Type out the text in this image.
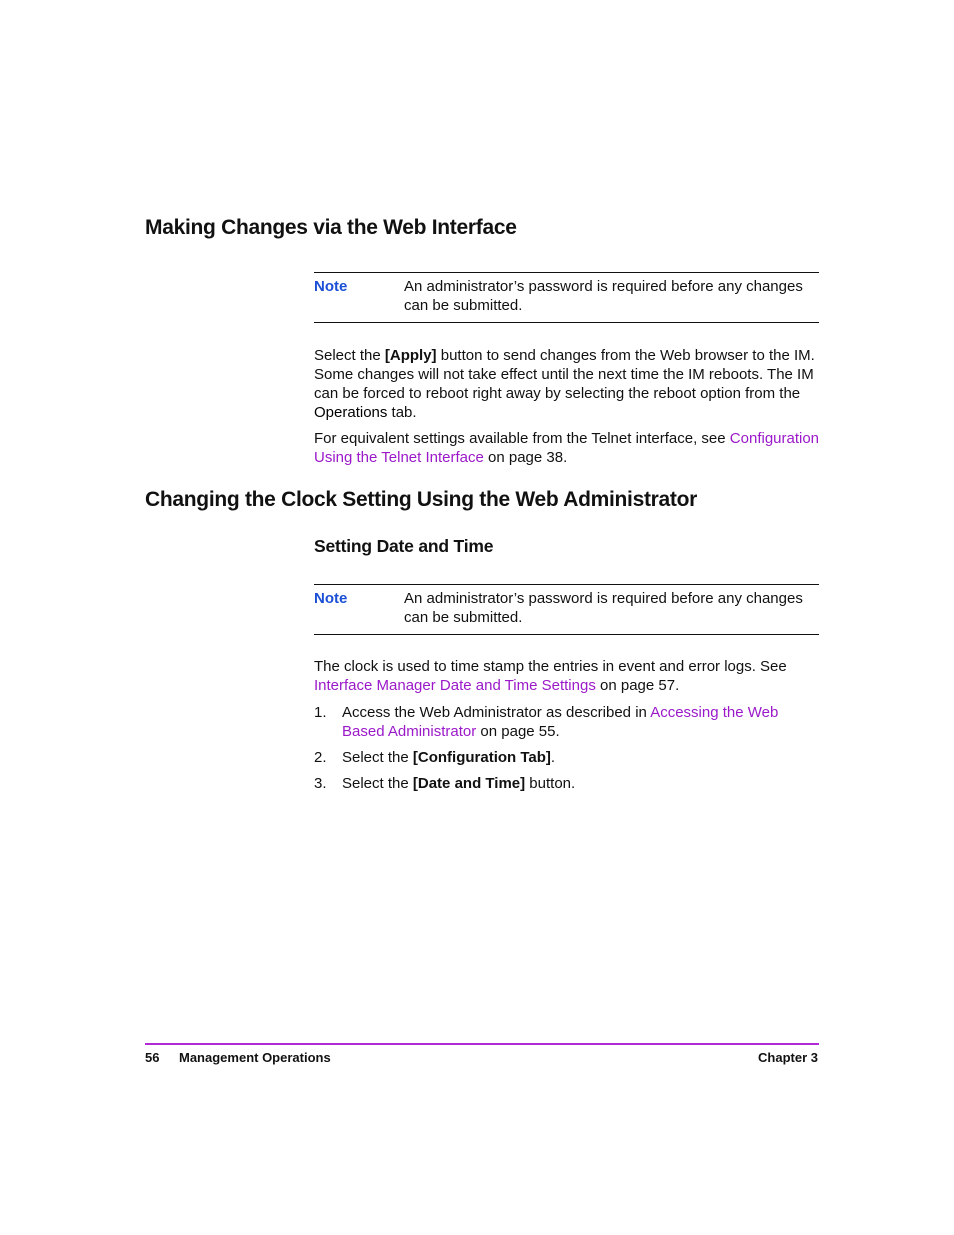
Making Changes via the Web Interface
Note	An administrator’s password is required before any changes can be submitted.
Select the [Apply] button to send changes from the Web browser to the IM. Some changes will not take effect until the next time the IM reboots. The IM can be forced to reboot right away by selecting the reboot option from the Operations tab.
For equivalent settings available from the Telnet interface, see Configuration Using the Telnet Interface on page 38.
Changing the Clock Setting Using the Web Administrator
Setting Date and Time
Note	An administrator’s password is required before any changes can be submitted.
The clock is used to time stamp the entries in event and error logs. See Interface Manager Date and Time Settings on page 57.
1. Access the Web Administrator as described in Accessing the Web Based Administrator on page 55.
2. Select the [Configuration Tab].
3. Select the [Date and Time] button.
56 Management Operations	Chapter 3
